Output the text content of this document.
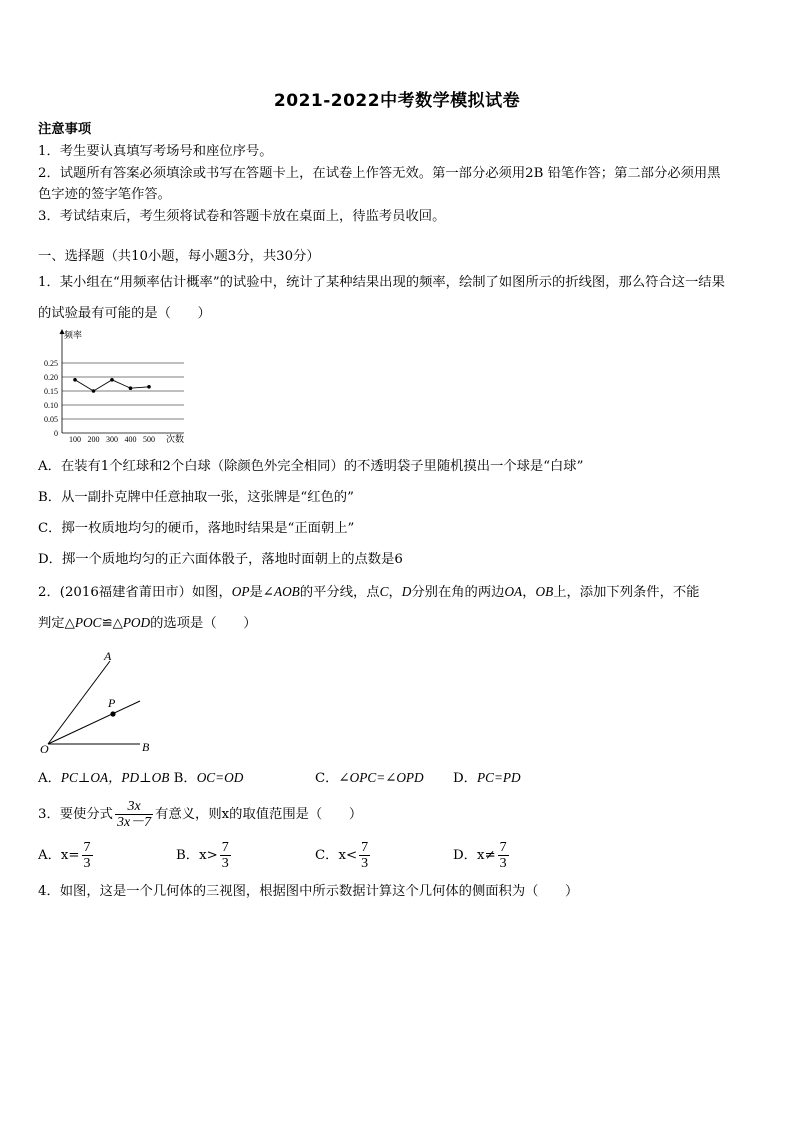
2021-2022中考数学模拟试卷
注意事项
1．考生要认真填写考场号和座位序号。
2．试题所有答案必须填涂或书写在答题卡上，在试卷上作答无效。第一部分必须用2B 铅笔作答；第二部分必须用黑
色字迹的签字笔作答。
3．考试结束后，考生须将试卷和答题卡放在桌面上，待监考员收回。
一、选择题（共10小题，每小题3分，共30分）
1．某小组在“用频率估计概率”的试验中，统计了某种结果出现的频率，绘制了如图所示的折线图，那么符合这一结果
的试验最有可能的是（　　）
频率
次数
0.25
0.20
0.15
0.10
0.05
0
100 200 300 400 500
A．在装有1个红球和2个白球（除颜色外完全相同）的不透明袋子里随机摸出一个球是“白球”
B．从一副扑克牌中任意抽取一张，这张牌是“红色的”
C．掷一枚质地均匀的硬币，落地时结果是“正面朝上”
D．掷一个质地均匀的正六面体骰子，落地时面朝上的点数是6
2．(2016福建省莆田市）如图，OP是∠AOB的平分线，点C，D分别在角的两边OA，OB上，添加下列条件，不能
判定△POC≌△POD的选项是（　　）
A
P
O	B
A．PC⊥OA，PD⊥OB B．OC=OD	C．∠OPC=∠OPD D．PC=PD
3．要使分式 $\frac{3x}{3x-7}$ 有意义，则x的取值范围是（　　）
A．$x= \frac{7}{3}$	B．$x> \frac{7}{3}$	C．$x< \frac{7}{3}$	D．$x\ne \frac{7}{3}$
4．如图，这是一个几何体的三视图，根据图中所示数据计算这个几何体的侧面积为（　　）
